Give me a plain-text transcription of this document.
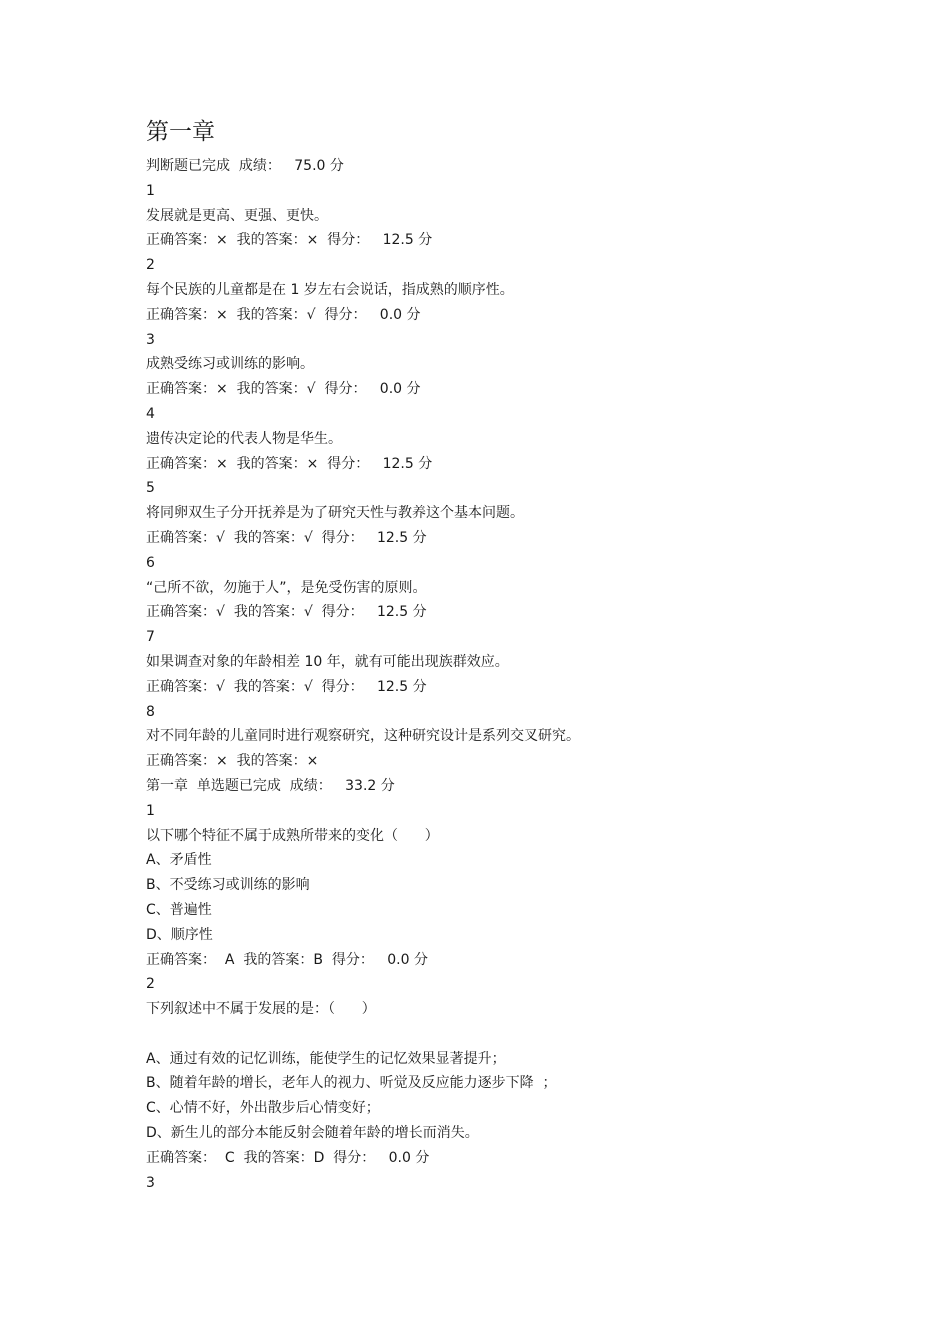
第一章
判断题已完成  成绩：   75.0 分
1
发展就是更高、更强、更快。
正确答案：×  我的答案：×  得分：   12.5 分
2
每个民族的儿童都是在 1 岁左右会说话，指成熟的顺序性。
正确答案：×  我的答案：√  得分：   0.0 分
3
成熟受练习或训练的影响。
正确答案：×  我的答案：√  得分：   0.0 分
4
遗传决定论的代表人物是华生。
正确答案：×  我的答案：×  得分：   12.5 分
5
将同卵双生子分开抚养是为了研究天性与教养这个基本问题。
正确答案：√  我的答案：√  得分：   12.5 分
6
“己所不欲，勿施于人”，是免受伤害的原则。
正确答案：√  我的答案：√  得分：   12.5 分
7
如果调查对象的年龄相差 10 年，就有可能出现族群效应。
正确答案：√  我的答案：√  得分：   12.5 分
8
对不同年龄的儿童同时进行观察研究，这种研究设计是系列交叉研究。
正确答案：×  我的答案：×
第一章  单选题已完成  成绩：   33.2 分
1
以下哪个特征不属于成熟所带来的变化（      ）
A、矛盾性
B、不受练习或训练的影响
C、普遍性
D、顺序性
正确答案：  A  我的答案：B  得分：   0.0 分
2
下列叙述中不属于发展的是：（      ）
A、通过有效的记忆训练，能使学生的记忆效果显著提升；
B、随着年龄的增长，老年人的视力、听觉及反应能力逐步下降  ；
C、心情不好，外出散步后心情变好；
D、新生儿的部分本能反射会随着年龄的增长而消失。
正确答案：  C  我的答案：D  得分：   0.0 分
3
